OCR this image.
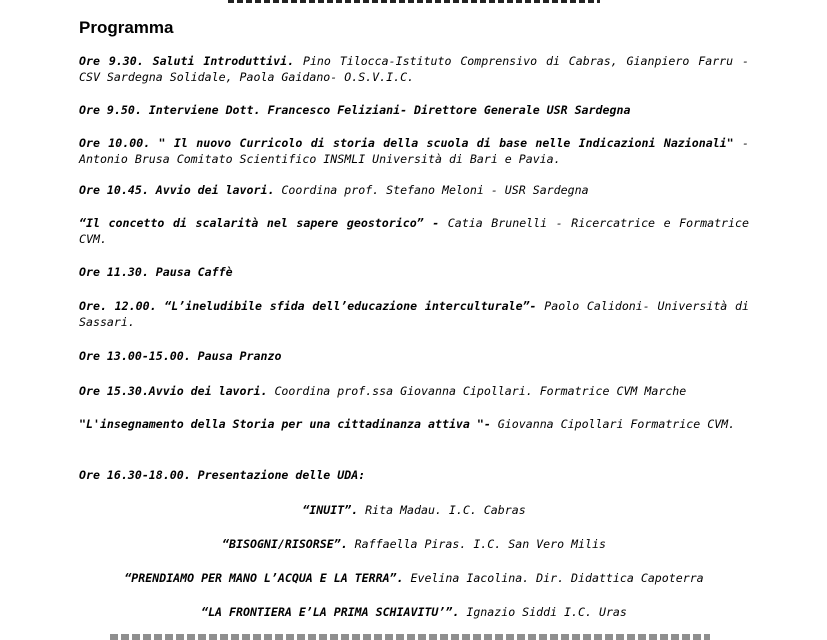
Programma
Ore 9.30. Saluti Introduttivi. Pino Tilocca-Istituto Comprensivo di Cabras, Gianpiero Farru - CSV Sardegna Solidale, Paola Gaidano- O.S.V.I.C.
Ore 9.50. Interviene Dott. Francesco Feliziani- Direttore Generale USR Sardegna
Ore 10.00. " Il nuovo Curricolo di storia della scuola di base nelle Indicazioni Nazionali" - Antonio Brusa Comitato Scientifico INSMLI Università di Bari e Pavia.
Ore 10.45. Avvio dei lavori. Coordina prof. Stefano Meloni - USR Sardegna
“Il concetto di scalarità nel sapere geostorico” - Catia Brunelli - Ricercatrice e Formatrice CVM.
Ore 11.30. Pausa Caffè
Ore. 12.00. “L’ineludibile sfida dell’educazione interculturale”- Paolo Calidoni- Università di Sassari.
Ore 13.00-15.00. Pausa Pranzo
Ore 15.30.Avvio dei lavori. Coordina prof.ssa Giovanna Cipollari. Formatrice CVM Marche
"L'insegnamento della Storia per una cittadinanza attiva "- Giovanna Cipollari Formatrice CVM.
Ore 16.30-18.00. Presentazione delle UDA:
“INUIT”. Rita Madau. I.C. Cabras
“BISOGNI/RISORSE”. Raffaella Piras. I.C. San Vero Milis
“PRENDIAMO PER MANO L’ACQUA E LA TERRA”. Evelina Iacolina. Dir. Didattica Capoterra
“LA FRONTIERA E’LA PRIMA SCHIAVITU’”. Ignazio Siddi I.C. Uras
